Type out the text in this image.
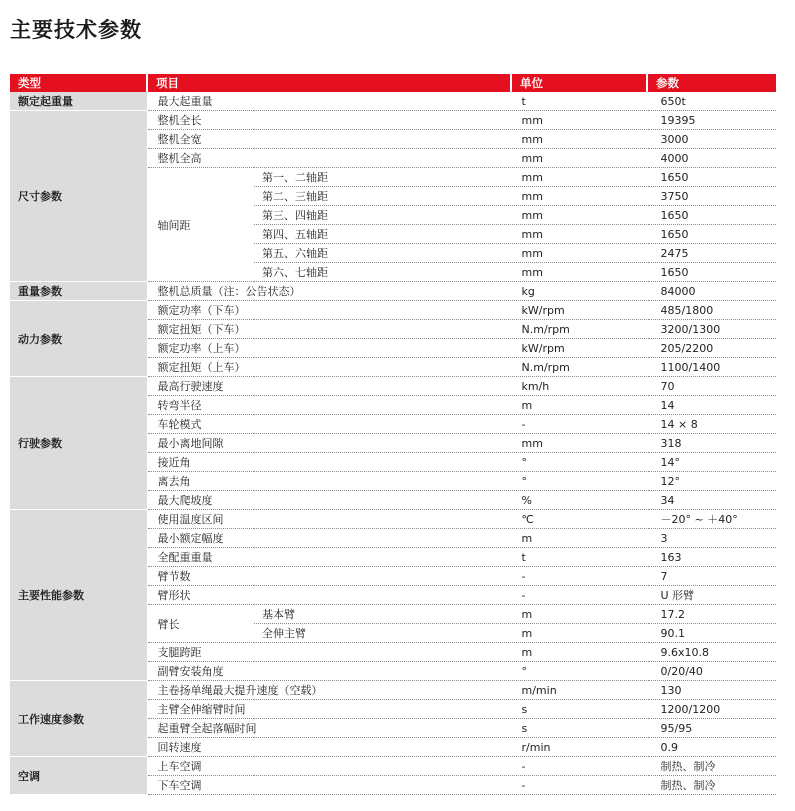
主要技术参数
类型	项目		单位	参数
额定起重量	最大起重量		t	650t
尺寸参数	整机全长		mm	19395
	整机全宽		mm	3000
	整机全高		mm	4000
	轴间距	第一、二轴距	mm	1650
		第二、三轴距	mm	3750
		第三、四轴距	mm	1650
		第四、五轴距	mm	1650
		第五、六轴距	mm	2475
		第六、七轴距	mm	1650
重量参数	整机总质量（注：公告状态）		kg	84000
动力参数	额定功率（下车）		kW/rpm	485/1800
	额定扭矩（下车）		N.m/rpm	3200/1300
	额定功率（上车）		kW/rpm	205/2200
	额定扭矩（上车）		N.m/rpm	1100/1400
行驶参数	最高行驶速度		km/h	70
	转弯半径		m	14
	车轮模式		-	14 × 8
	最小离地间隙		mm	318
	接近角		°	14°
	离去角		°	12°
	最大爬坡度		%	34
主要性能参数	使用温度区间		℃	－20° ~ ＋40°
	最小额定幅度		m	3
	全配重重量		t	163
	臂节数		-	7
	臂形状		-	U 形臂
	臂长	基本臂	m	17.2
		全伸主臂	m	90.1
	支腿跨距		m	9.6x10.8
	副臂安装角度		°	0/20/40
工作速度参数	主卷扬单绳最大提升速度（空载）		m/min	130
	主臂全伸缩臂时间		s	1200/1200
	起重臂全起落幅时间		s	95/95
	回转速度		r/min	0.9
空调	上车空调		-	制热、制冷
	下车空调		-	制热、制冷
